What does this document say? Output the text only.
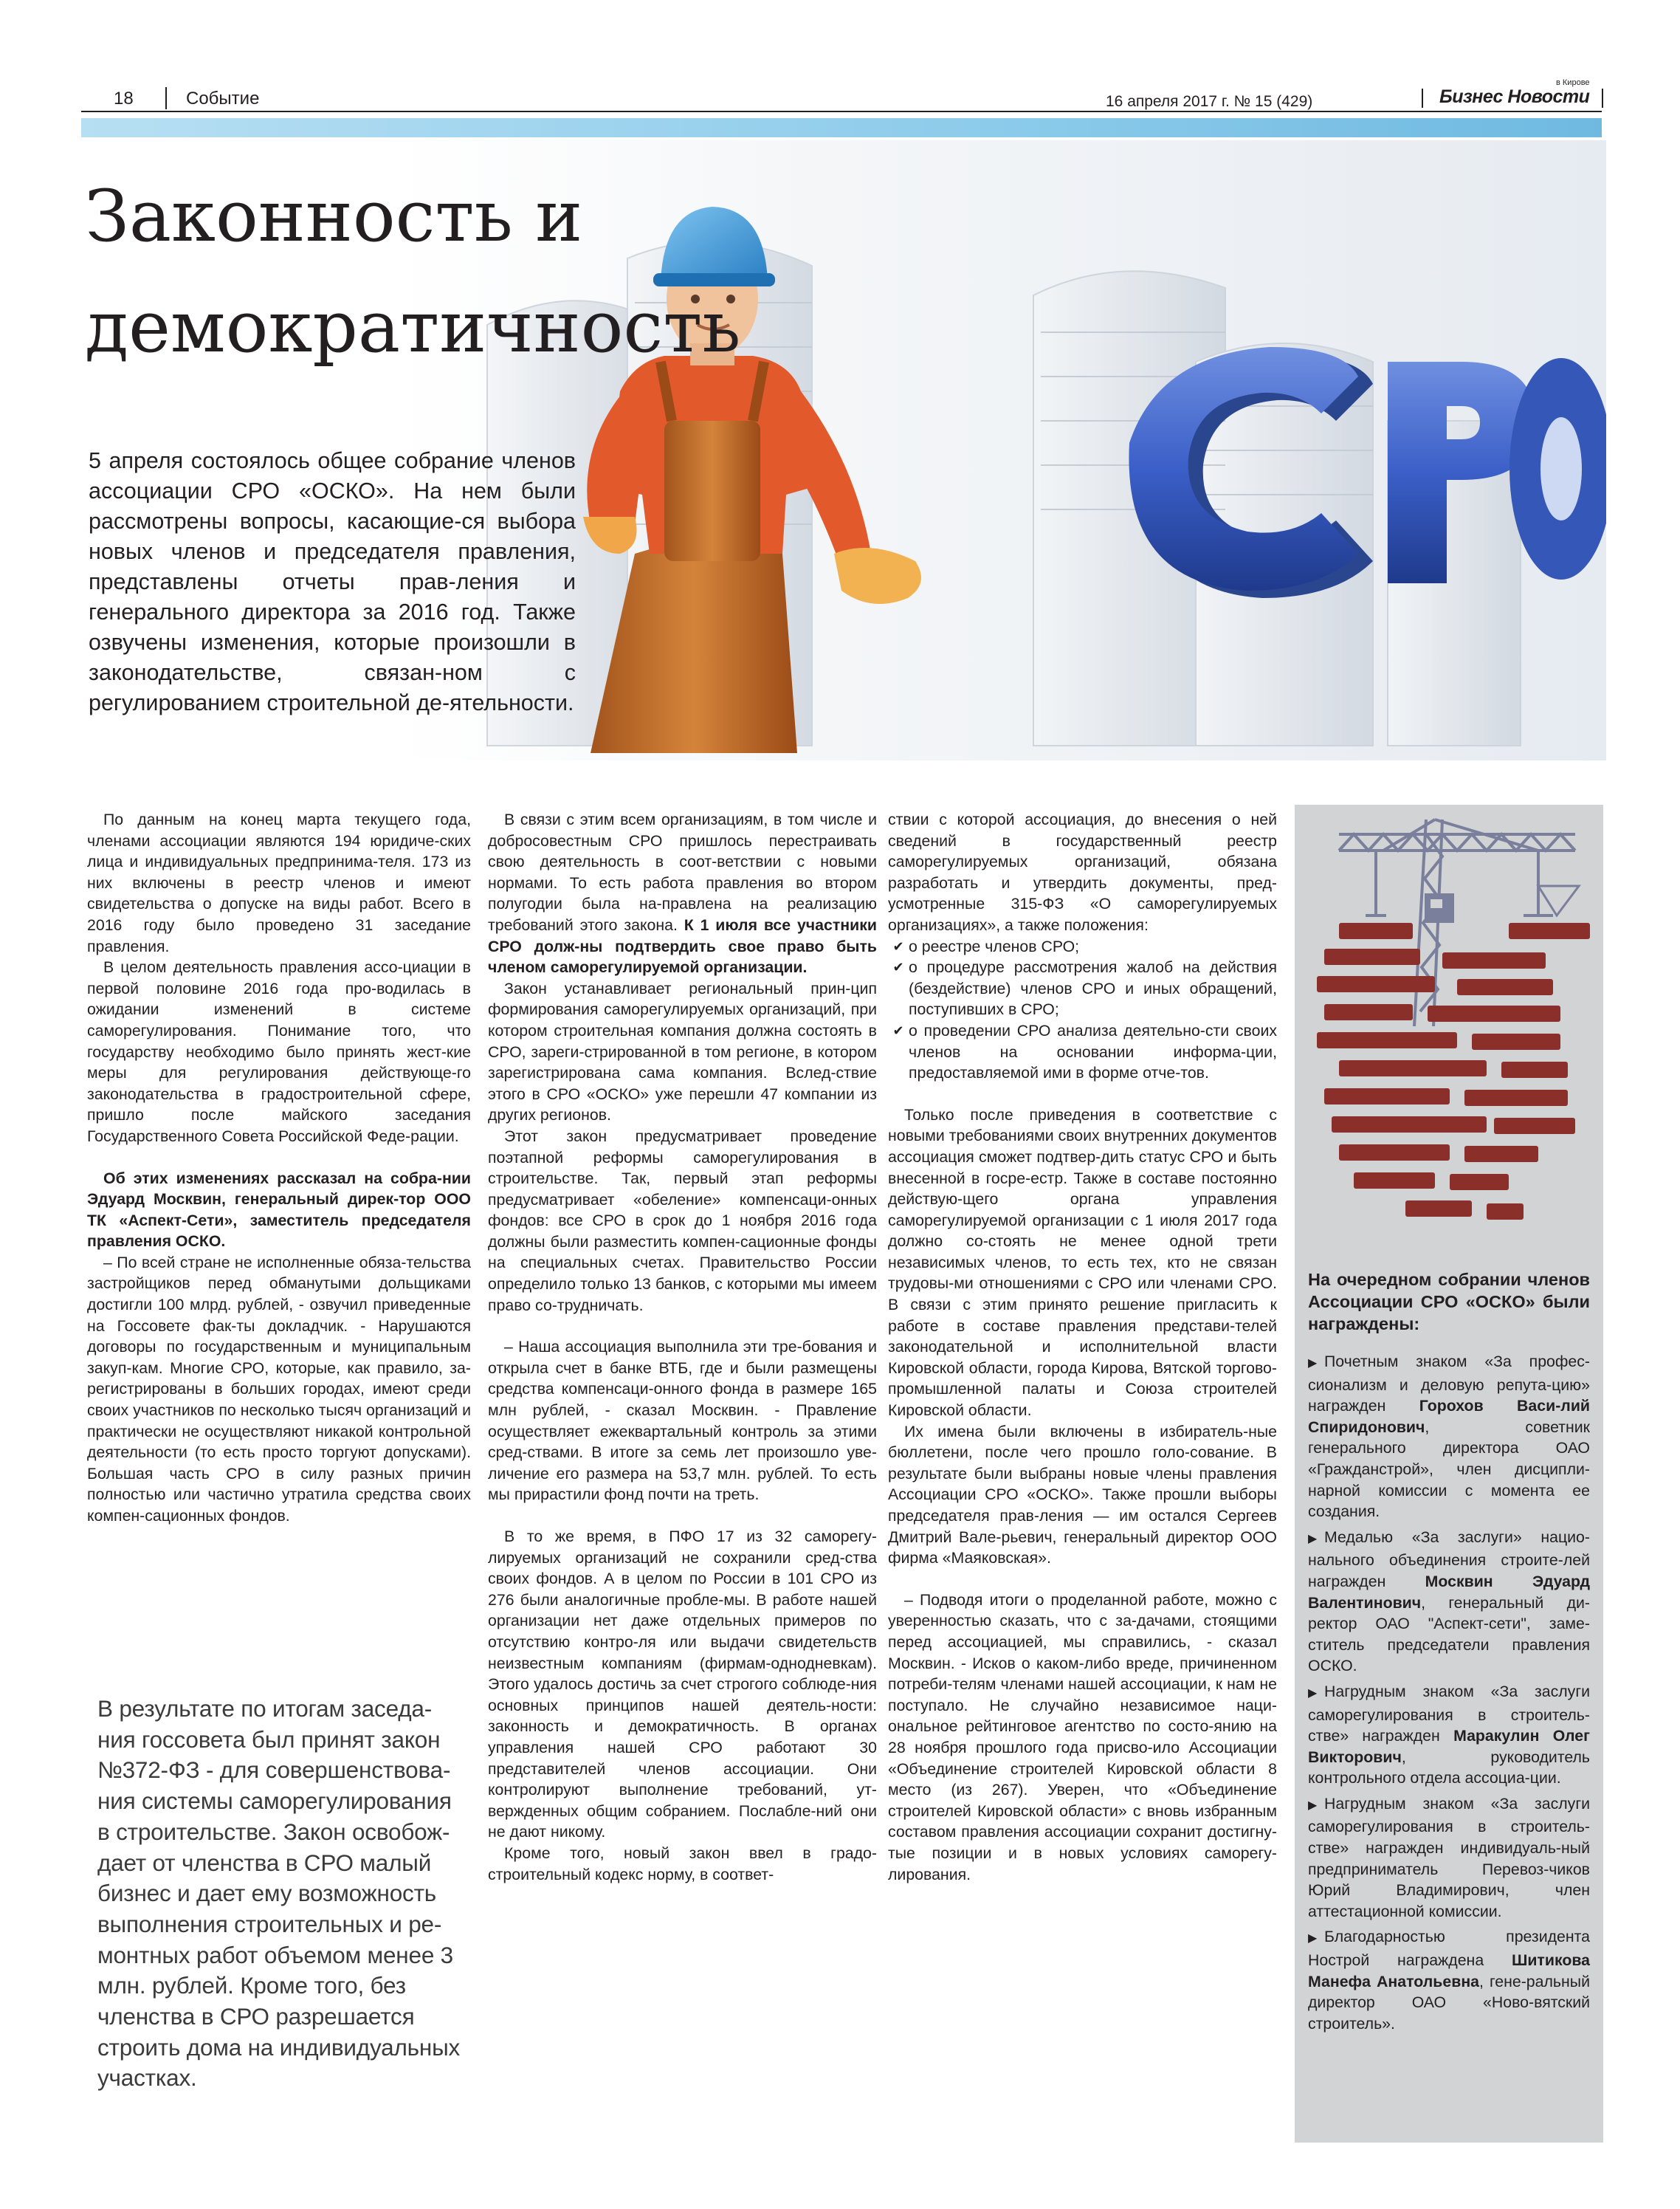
18	Событие	16 апреля 2017 г. № 15 (429)
в Кирове
Бизнес Новости
Законность и
демократичность

5 апреля состоялось общее собрание членов ассоциации СРО «ОСКО». На нем были рассмотрены вопросы, касающие-ся выбора новых членов и председателя правления, представлены отчеты прав-ления и генерального директора за 2016 год. Также озвучены изменения, которые произошли в законодательстве, связан-ном с регулированием строительной де-ятельности.

По данным на конец марта текущего года, членами ассоциации являются 194 юридиче-ских лица и индивидуальных предпринима-теля. 173 из них включены в реестр членов и имеют свидетельства о допуске на виды работ. Всего в 2016 году было проведено 31 заседание правления.

В целом деятельность правления ассо-циации в первой половине 2016 года про-водилась в ожидании изменений в системе саморегулирования. Понимание того, что государству необходимо было принять жест-кие меры для регулирования действующе-го законодательства в градостроительной сфере, пришло после майского заседания Государственного Совета Российской Феде-рации.

Об этих изменениях рассказал на собра-нии Эдуард Москвин, генеральный дирек-тор ООО ТК «Аспект-Сети», заместитель председателя правления ОСКО.

– По всей стране не исполненные обяза-тельства застройщиков перед обманутыми дольщиками достигли 100 млрд. рублей, - озвучил приведенные на Госсовете фак-ты докладчик. - Нарушаются договоры по государственным и муниципальным закуп-кам. Многие СРО, которые, как правило, за-регистрированы в больших городах, имеют среди своих участников по несколько тысяч организаций и практически не осуществляют никакой контрольной деятельности (то есть просто торгуют допусками). Большая часть СРО в силу разных причин полностью или частично утратила средства своих компен-сационных фондов.

В результате по итогам заседа-ния госсовета был принят закон №372-ФЗ - для совершенствова-ния системы саморегулирования в строительстве. Закон освобож-дает от членства в СРО малый бизнес и дает ему возможность выполнения строительных и ре-монтных работ объемом менее 3 млн. рублей. Кроме того, без членства в СРО разрешается строить дома на индивидуальных участках.

В связи с этим всем организациям, в том числе и добросовестным СРО пришлось перестраивать свою деятельность в соот-ветствии с новыми нормами. То есть работа правления во втором полугодии была на-правлена на реализацию требований этого закона. К 1 июля все участники СРО долж-ны подтвердить свое право быть членом саморегулируемой организации.

Закон устанавливает региональный прин-цип формирования саморегулируемых организаций, при котором строительная компания должна состоять в СРО, зареги-стрированной в том регионе, в котором зарегистрирована сама компания. Вслед-ствие этого в СРО «ОСКО» уже перешли 47 компании из других регионов.

Этот закон предусматривает проведение поэтапной реформы саморегулирования в строительстве. Так, первый этап реформы предусматривает «обеление» компенсаци-онных фондов: все СРО в срок до 1 ноября 2016 года должны были разместить компен-сационные фонды на специальных счетах. Правительство России определило только 13 банков, с которыми мы имеем право со-трудничать.

– Наша ассоциация выполнила эти тре-бования и открыла счет в банке ВТБ, где и были размещены средства компенсаци-онного фонда в размере 165 млн рублей, - сказал Москвин. - Правление осуществляет ежеквартальный контроль за этими сред-ствами. В итоге за семь лет произошло уве-личение его размера на 53,7 млн. рублей. То есть мы прирастили фонд почти на треть.

В то же время, в ПФО 17 из 32 саморегу-лируемых организаций не сохранили сред-ства своих фондов. А в целом по России в 101 СРО из 276 были аналогичные пробле-мы. В работе нашей организации нет даже отдельных примеров по отсутствию контро-ля или выдачи свидетельств неизвестным компаниям (фирмам-однодневкам). Этого удалось достичь за счет строгого соблюде-ния основных принципов нашей деятель-ности: законность и демократичность. В органах управления нашей СРО работают 30 представителей членов ассоциации. Они контролируют выполнение требований, ут-вержденных общим собранием. Послабле-ний они не дают никому.

Кроме того, новый закон ввел в градо-строительный кодекс норму, в соответ-

ствии с которой ассоциация, до внесения о ней сведений в государственный реестр саморегулируемых организаций, обязана разработать и утвердить документы, пред-усмотренные 315-ФЗ «О саморегулируемых организациях», а также положения:

✔ о реестре членов СРО;
✔ о процедуре рассмотрения жалоб на действия (бездействие) членов СРО и иных обращений, поступивших в СРО;
✔ о проведении СРО анализа деятельно-сти своих членов на основании информа-ции, предоставляемой ими в форме отче-тов.

Только после приведения в соответствие с новыми требованиями своих внутренних документов ассоциация сможет подтвер-дить статус СРО и быть внесенной в госре-естр. Также в составе постоянно действую-щего органа управления саморегулируемой организации с 1 июля 2017 года должно со-стоять не менее одной трети независимых членов, то есть тех, кто не связан трудовы-ми отношениями с СРО или членами СРО. В связи с этим принято решение пригласить к работе в составе правления представи-телей законодательной и исполнительной власти Кировской области, города Кирова, Вятской торгово-промышленной палаты и Союза строителей Кировской области.

Их имена были включены в избиратель-ные бюллетени, после чего прошло голо-сование. В результате были выбраны новые члены правления Ассоциации СРО «ОСКО». Также прошли выборы председателя прав-ления — им остался Сергеев Дмитрий Вале-рьевич, генеральный директор ООО фирма «Маяковская».

– Подводя итоги о проделанной работе, можно с уверенностью сказать, что с за-дачами, стоящими перед ассоциацией, мы справились, - сказал Москвин. - Исков о каком-либо вреде, причиненном потреби-телям членами нашей ассоциации, к нам не поступало. Не случайно независимое наци-ональное рейтинговое агентство по состо-янию на 28 ноября прошлого года присво-ило Ассоциации «Объединение строителей Кировской области 8 место (из 267). Уверен, что «Объединение строителей Кировской области» с вновь избранным составом правления ассоциации сохранит достигну-тые позиции и в новых условиях саморегу-лирования.

На очередном собрании членов Ассоциации СРО «ОСКО» были награждены:

▶ Почетным знаком «За профес-сионализм и деловую репута-цию» награжден Горохов Васи-лий Спиридонович, советник генерального директора ОАО «Гражданстрой», член дисципли-нарной комиссии с момента ее создания.

▶ Медалью «За заслуги» нацио-нального объединения строите-лей награжден	Москвин Эдуард Валентинович, генеральный ди-ректор ОАО "Аспект-сети", заме-ститель председатели правления ОСКО.

▶ Нагрудным знаком «За заслуги саморегулирования в строитель-стве» награжден Маракулин Олег Викторович, руководитель контрольного отдела ассоциа-ции.

▶ Нагрудным знаком «За заслуги саморегулирования в строитель-стве» награжден индивидуаль-ный предприниматель Перевоз-чиков Юрий Владимирович, член аттестационной комиссии.

▶ Благодарностью президента Нострой награждена Шитикова Манефа Анатольевна, гене-ральный директор ОАО «Ново-вятский строитель».
